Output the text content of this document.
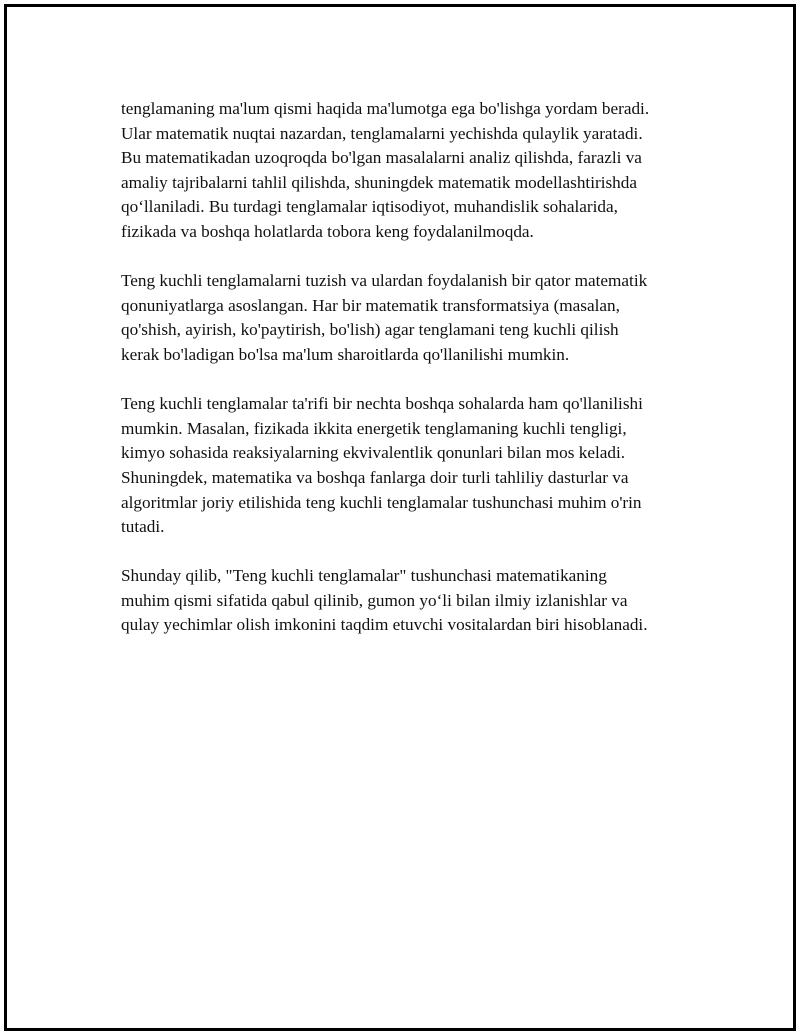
tenglamaning ma'lum qismi haqida ma'lumotga ega bo'lishga yordam beradi.
Ular matematik nuqtai nazardan, tenglamalarni yechishda qulaylik yaratadi.
Bu matematikadan uzoqroqda bo'lgan masalalarni analiz qilishda, farazli va
amaliy tajribalarni tahlil qilishda, shuningdek matematik modellashtirishda
qo‘llaniladi. Bu turdagi tenglamalar iqtisodiyot, muhandislik sohalarida,
fizikada va boshqa holatlarda tobora keng foydalanilmoqda.

Teng kuchli tenglamalarni tuzish va ulardan foydalanish bir qator matematik
qonuniyatlarga asoslangan. Har bir matematik transformatsiya (masalan,
qo'shish, ayirish, ko'paytirish, bo'lish) agar tenglamani teng kuchli qilish
kerak bo'ladigan bo'lsa ma'lum sharoitlarda qo'llanilishi mumkin.

Teng kuchli tenglamalar ta'rifi bir nechta boshqa sohalarda ham qo'llanilishi
mumkin. Masalan, fizikada ikkita energetik tenglamaning kuchli tengligi,
kimyo sohasida reaksiyalarning ekvivalentlik qonunlari bilan mos keladi.
Shuningdek, matematika va boshqa fanlarga doir turli tahliliy dasturlar va
algoritmlar joriy etilishida teng kuchli tenglamalar tushunchasi muhim o'rin
tutadi.

Shunday qilib, "Teng kuchli tenglamalar" tushunchasi matematikaning
muhim qismi sifatida qabul qilinib, gumon yo‘li bilan ilmiy izlanishlar va
qulay yechimlar olish imkonini taqdim etuvchi vositalardan biri hisoblanadi.
